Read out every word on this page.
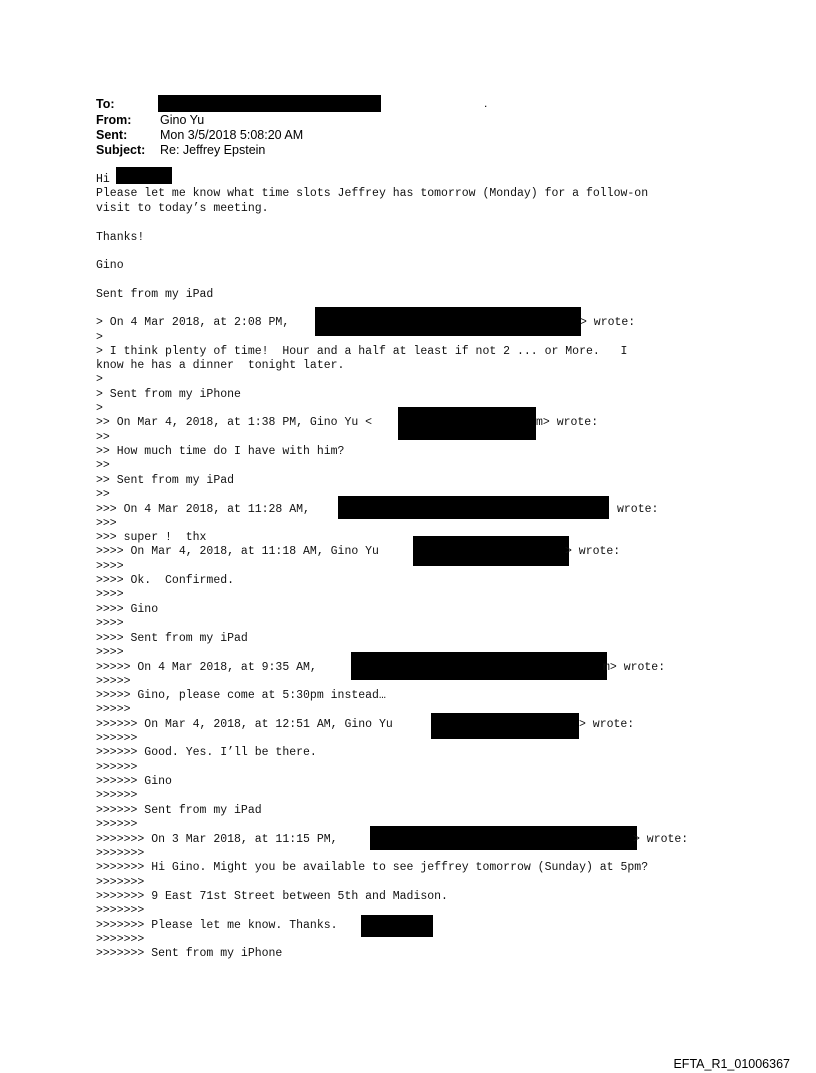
To:	.

From:

Gino Yu

Sent:

	Mon 3/5/2018 5:08:20 AM

Subject:

Re: Jeffrey Epstein

Hi
Please let me know what time slots Jeffrey has tomorrow (Monday) for a follow-on
visit to today’s meeting.
Thanks!
Gino
Sent from my iPad
> On 4 Mar 2018, at 2:08 PM,	> wrote:
>
> I think plenty of time!  Hour and a half at least if not 2 ... or More.   I
know he has a dinner  tonight later.
>
> Sent from my iPhone
>
>> On Mar 4, 2018, at 1:38 PM, Gino Yu <	m> wrote:
>>
>> How much time do I have with him?
>>
>> Sent from my iPad
>>
>>> On 4 Mar 2018, at 11:28 AM,	wrote:
>>>
>>> super !  thx
>>>> On Mar 4, 2018, at 11:18 AM, Gino Yu	> wrote:
>>>>
>>>> Ok.  Confirmed.
>>>>
>>>> Gino
>>>>
>>>> Sent from my iPad
>>>>
>>>>> On 4 Mar 2018, at 9:35 AM,	m> wrote:
>>>>>
>>>>> Gino, please come at 5:30pm instead…
>>>>>
>>>>>> On Mar 4, 2018, at 12:51 AM, Gino Yu	> wrote:
>>>>>>
>>>>>> Good. Yes. I’ll be there.
>>>>>>
>>>>>> Gino
>>>>>>
>>>>>> Sent from my iPad
>>>>>>
>>>>>>> On 3 Mar 2018, at 11:15 PM,	> wrote:
>>>>>>>
>>>>>>> Hi Gino. Might you be available to see jeffrey tomorrow (Sunday) at 5pm?
>>>>>>>
>>>>>>> 9 East 71st Street between 5th and Madison.
>>>>>>>
>>>>>>> Please let me know. Thanks.
>>>>>>>
>>>>>>> Sent from my iPhone
EFTA_R1_01006367
